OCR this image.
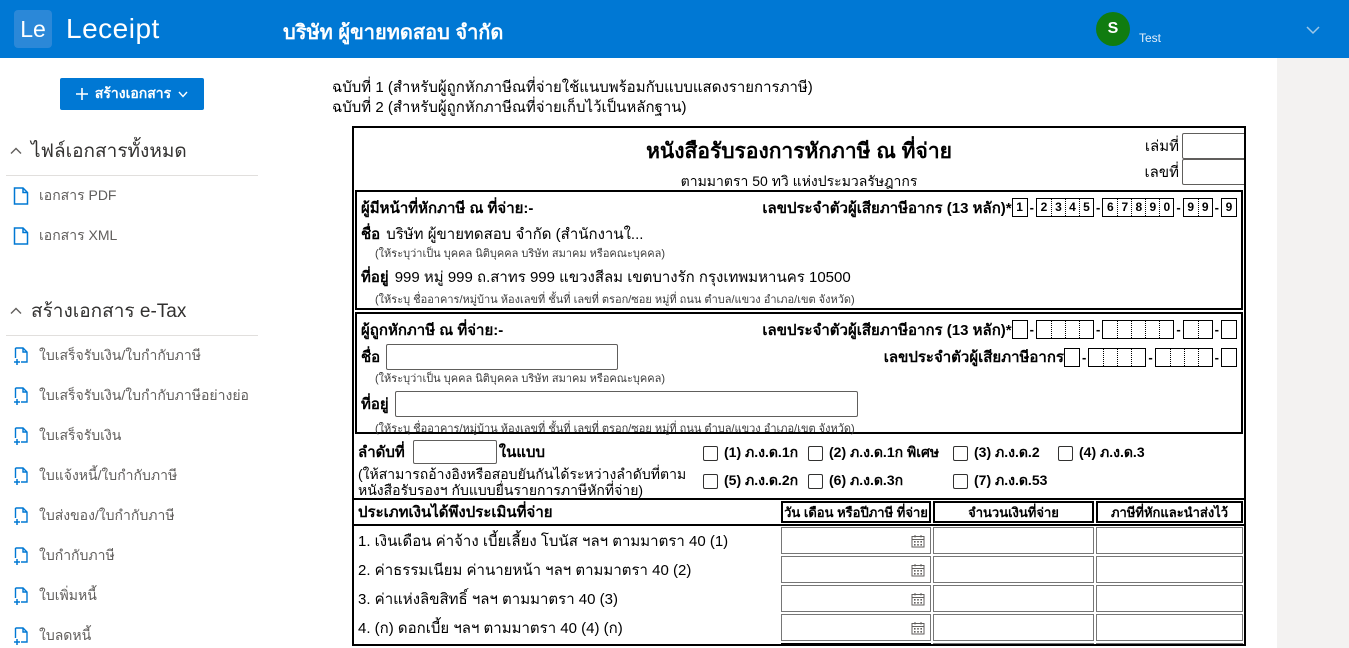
Le Leceipt	บริษัท ผู้ขายทดสอบ จำกัด	S
Test
สร้างเอกสาร
ไฟล์เอกสารทั้งหมด
เอกสาร PDF
เอกสาร XML
สร้างเอกสาร e-Tax
ใบเสร็จรับเงิน/ใบกำกับภาษี
ใบเสร็จรับเงิน/ใบกำกับภาษีอย่างย่อ
ใบเสร็จรับเงิน
ใบแจ้งหนี้/ใบกำกับภาษี
ใบส่งของ/ใบกำกับภาษี
ใบกำกับภาษี
ใบเพิ่มหนี้
ใบลดหนี้
ฉบับที่ 1 (สำหรับผู้ถูกหักภาษีณที่จ่ายใช้แนบพร้อมกับแบบแสดงรายการภาษี)
ฉบับที่ 2 (สำหรับผู้ถูกหักภาษีณที่จ่ายเก็บไว้เป็นหลักฐาน)
หนังสือรับรองการหักภาษี ณ ที่จ่าย
ตามมาตรา 50 ทวิ แห่งประมวลรัษฎากร
เล่มที่
เลขที่
ผู้มีหน้าที่หักภาษี ณ ที่จ่าย:-	เลขประจำตัวผู้เสียภาษีอากร (13 หลัก)* 1 - 2 3 4 5 - 6 7 8 9 0 - 9 9 - 9
ชื่อ บริษัท ผู้ขายทดสอบ จำกัด (สำนักงานใ...
(ให้ระบุว่าเป็น บุคคล นิติบุคคล บริษัท สมาคม หรือคณะบุคคล)
ที่อยู่ 999 หมู่ 999 ถ.สาทร 999 แขวงสีลม เขตบางรัก กรุงเทพมหานคร 10500
(ให้ระบุ ชื่ออาคาร/หมู่บ้าน ห้องเลขที่ ชั้นที่ เลขที่ ตรอก/ซอย หมู่ที่ ถนน ตำบล/แขวง อำเภอ/เขต จังหวัด)
ผู้ถูกหักภาษี ณ ที่จ่าย:-	เลขประจำตัวผู้เสียภาษีอากร (13 หลัก)* -	-	-	-
ชื่อ	เลขประจำตัวผู้เสียภาษีอากร -	-	-
(ให้ระบุว่าเป็น บุคคล นิติบุคคล บริษัท สมาคม หรือคณะบุคคล)
ที่อยู่
(ให้ระบุ ชื่ออาคาร/หมู่บ้าน ห้องเลขที่ ชั้นที่ เลขที่ ตรอก/ซอย หมู่ที่ ถนน ตำบล/แขวง อำเภอ/เขต จังหวัด)
ลำดับที่	ในแบบ
(ให้สามารถอ้างอิงหรือสอบยันกันได้ระหว่างลำดับที่ตาม หนังสือรับรองฯ กับแบบยื่นรายการภาษีหักที่จ่าย)
(1) ภ.ง.ด.1ก (2) ภ.ง.ด.1ก พิเศษ (3) ภ.ง.ด.2	(4) ภ.ง.ด.3
(5) ภ.ง.ด.2ก (6) ภ.ง.ด.3ก	(7) ภ.ง.ด.53
ประเภทเงินได้พึงประเมินที่จ่าย	วัน เดือน หรือปีภาษี ที่จ่าย	จำนวนเงินที่จ่าย	ภาษีที่หักและนำส่งไว้
1. เงินเดือน ค่าจ้าง เบี้ยเลี้ยง โบนัส ฯลฯ ตามมาตรา 40 (1)
2. ค่าธรรมเนียม ค่านายหน้า ฯลฯ ตามมาตรา 40 (2)
3. ค่าแห่งลิขสิทธิ์ ฯลฯ ตามมาตรา 40 (3)
4. (ก) ดอกเบี้ย ฯลฯ ตามมาตรา 40 (4) (ก)
